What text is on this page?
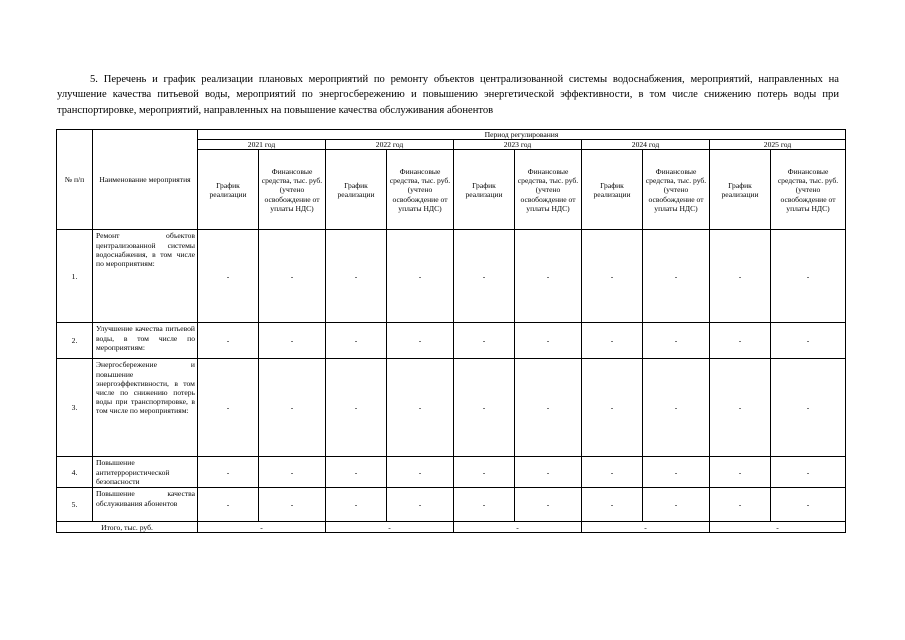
5. Перечень и график реализации плановых мероприятий по ремонту объектов централизованной системы водоснабжения, мероприятий, направленных на улучшение качества питьевой воды, мероприятий по энергосбережению и повышению энергетической эффективности, в том числе снижению потерь воды при транспортировке, мероприятий, направленных на повышение качества обслуживания абонентов

№ п/п	Наименование мероприятия	Период регулирования									
		2021 год		2022 год		2023 год		2024 год		2025 год	
		График реализации	Финансовые средства, тыс. руб. (учтено освобождение от уплаты НДС)	График реализации	Финансовые средства, тыс. руб. (учтено освобождение от уплаты НДС)	График реализации	Финансовые средства, тыс. руб. (учтено освобождение от уплаты НДС)	График реализации	Финансовые средства, тыс. руб. (учтено освобождение от уплаты НДС)	График реализации	Финансовые средства, тыс. руб. (учтено освобождение от уплаты НДС)
1.	Ремонт объектов централизованной системы водоснабжения, в том числе по мероприятиям:	-	-	-	-	-	-	-	-	-	-
2.	Улучшение качества питьевой воды, в том числе по мероприятиям:	-	-	-	-	-	-	-	-	-	-
3.	Энергосбережение и повышение энергоэффективности, в том числе по снижению потерь воды при транспортировке, в том числе по мероприятиям:	-	-	-	-	-	-	-	-	-	-
4.	Повышение антитеррористической безопасности	-	-	-	-	-	-	-	-	-	-
5.	Повышение качества обслуживания абонентов	-	-	-	-	-	-	-	-	-	-
Итого, тыс. руб.		-		-		-		-		-	
